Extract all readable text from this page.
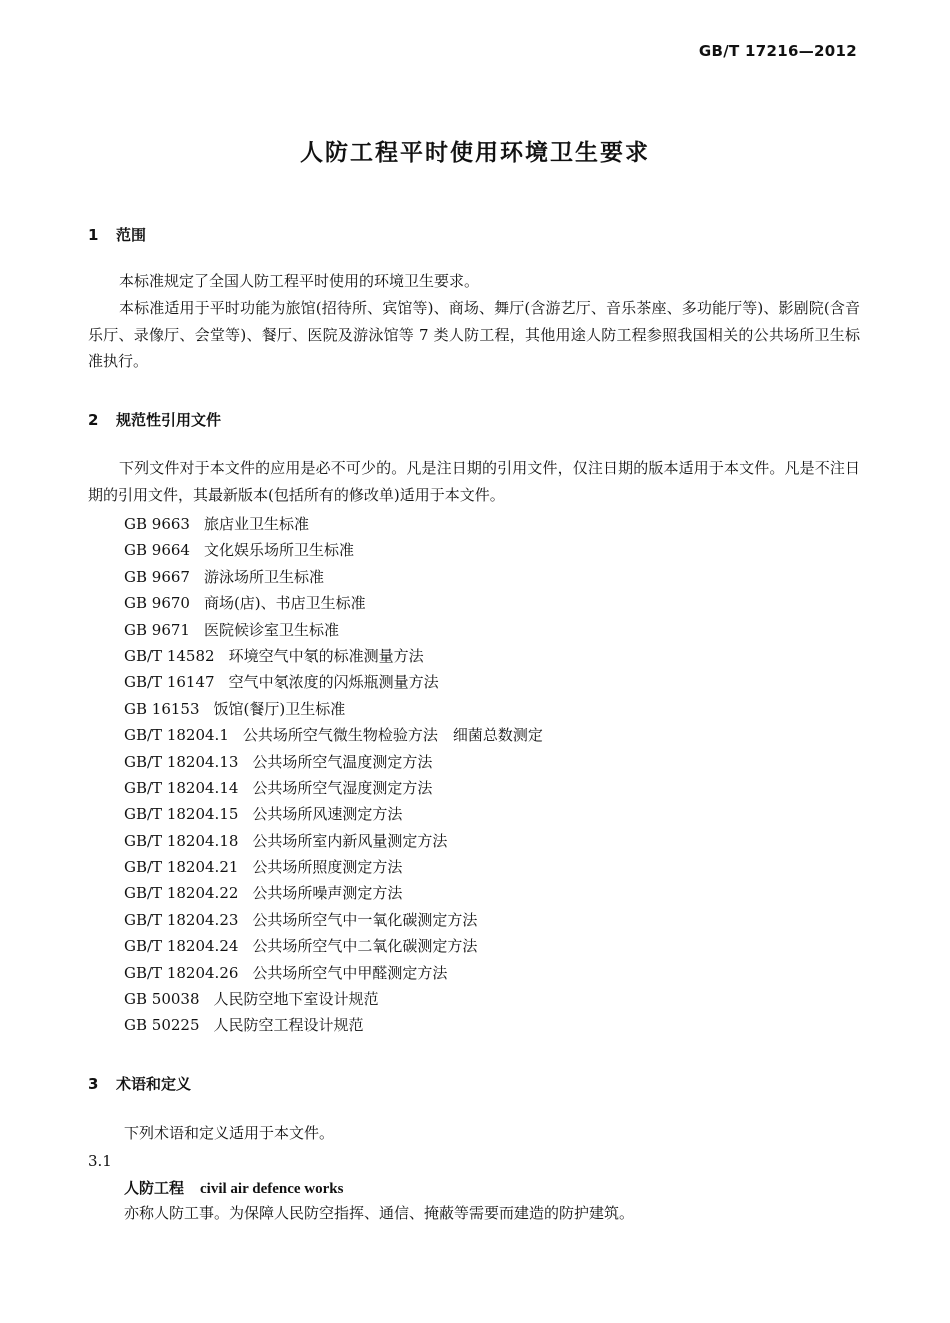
GB/T 17216—2012
人防工程平时使用环境卫生要求
1 范围
本标准规定了全国人防工程平时使用的环境卫生要求。
本标准适用于平时功能为旅馆(招待所、宾馆等)、商场、舞厅(含游艺厅、音乐茶座、多功能厅等)、影剧院(含音乐厅、录像厅、会堂等)、餐厅、医院及游泳馆等 7 类人防工程，其他用途人防工程参照我国相关的公共场所卫生标准执行。
2 规范性引用文件
下列文件对于本文件的应用是必不可少的。凡是注日期的引用文件，仅注日期的版本适用于本文件。凡是不注日期的引用文件，其最新版本(包括所有的修改单)适用于本文件。
GB 9663 旅店业卫生标准
GB 9664 文化娱乐场所卫生标准
GB 9667 游泳场所卫生标准
GB 9670 商场(店)、书店卫生标准
GB 9671 医院候诊室卫生标准
GB/T 14582 环境空气中氡的标准测量方法
GB/T 16147 空气中氡浓度的闪烁瓶测量方法
GB 16153 饭馆(餐厅)卫生标准
GB/T 18204.1 公共场所空气微生物检验方法　细菌总数测定
GB/T 18204.13 公共场所空气温度测定方法
GB/T 18204.14 公共场所空气湿度测定方法
GB/T 18204.15 公共场所风速测定方法
GB/T 18204.18 公共场所室内新风量测定方法
GB/T 18204.21 公共场所照度测定方法
GB/T 18204.22 公共场所噪声测定方法
GB/T 18204.23 公共场所空气中一氧化碳测定方法
GB/T 18204.24 公共场所空气中二氧化碳测定方法
GB/T 18204.26 公共场所空气中甲醛测定方法
GB 50038 人民防空地下室设计规范
GB 50225 人民防空工程设计规范
3 术语和定义
下列术语和定义适用于本文件。
3.1
人防工程 civil air defence works
亦称人防工事。为保障人民防空指挥、通信、掩蔽等需要而建造的防护建筑。
